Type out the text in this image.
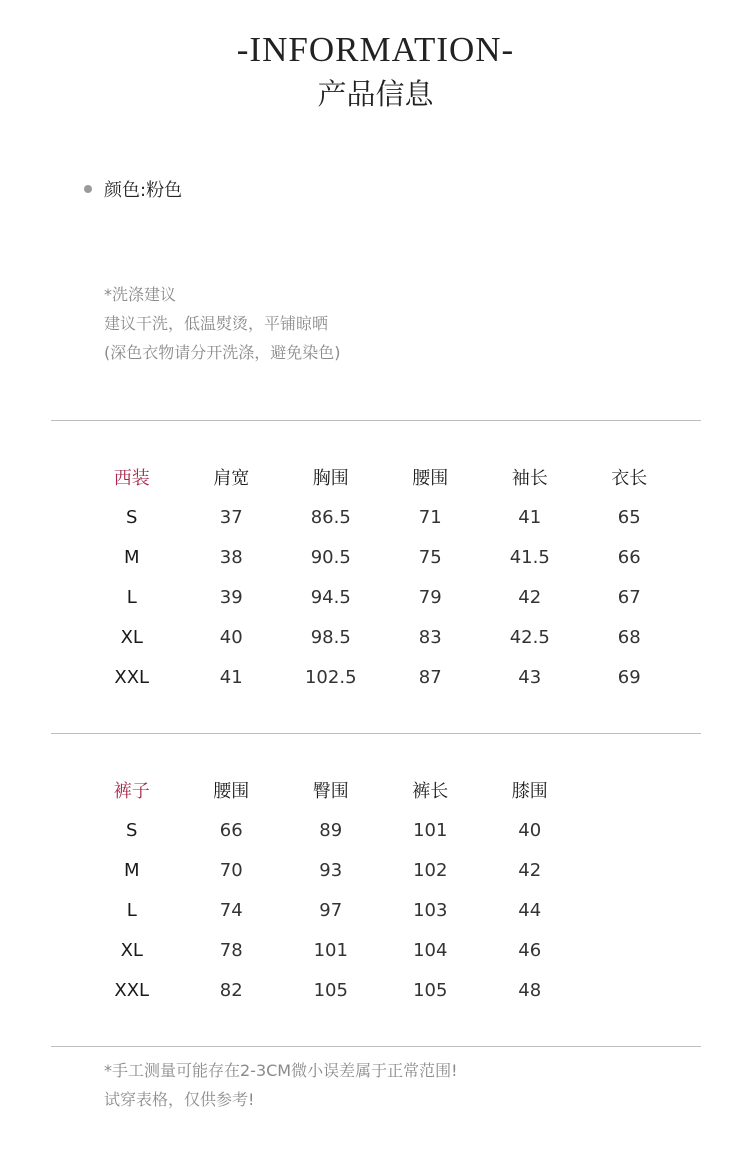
-INFORMATION-
产品信息
颜色:粉色
*洗涤建议
建议干洗，低温熨烫，平铺晾晒
(深色衣物请分开洗涤，避免染色)
西装	肩宽	胸围	腰围	袖长	衣长
S	37	86.5	71	41	65
M	38	90.5	75	41.5	66
L	39	94.5	79	42	67
XL	40	98.5	83	42.5	68
XXL	41	102.5	87	43	69
裤子	腰围	臀围	裤长	膝围
S	66	89	101	40
M	70	93	102	42
L	74	97	103	44
XL	78	101	104	46
XXL	82	105	105	48
*手工测量可能存在2-3CM微小误差属于正常范围!
试穿表格，仅供参考!
